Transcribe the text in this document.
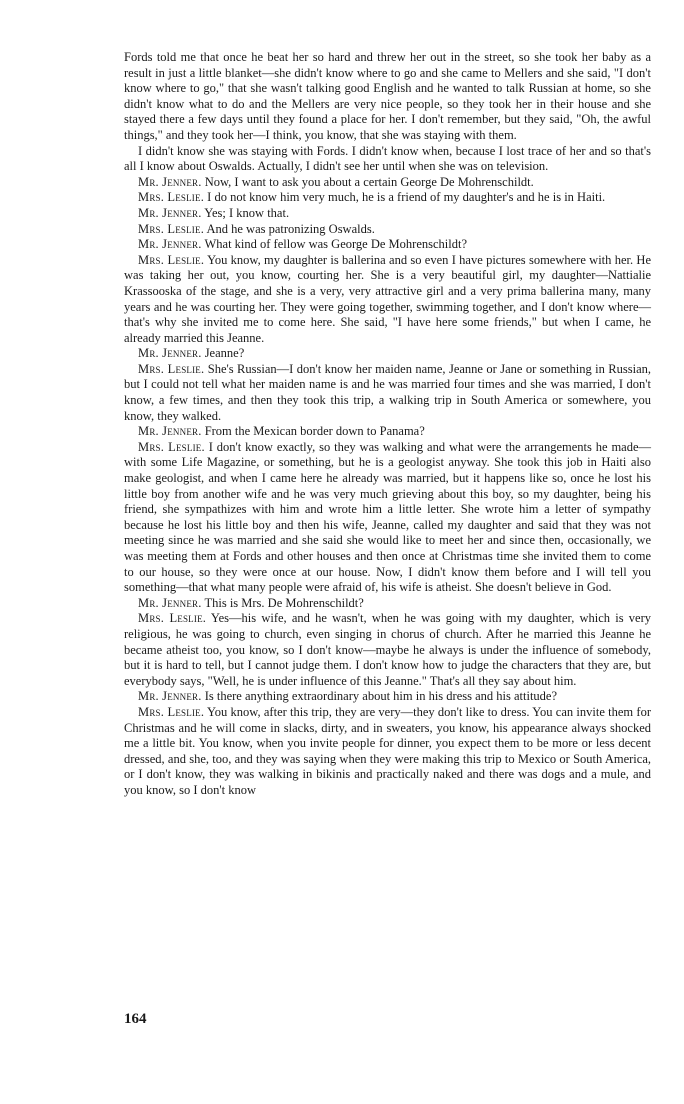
Fords told me that once he beat her so hard and threw her out in the street, so she took her baby as a result in just a little blanket—she didn't know where to go and she came to Mellers and she said, "I don't know where to go," that she wasn't talking good English and he wanted to talk Russian at home, so she didn't know what to do and the Mellers are very nice people, so they took her in their house and she stayed there a few days until they found a place for her. I don't remember, but they said, "Oh, the awful things," and they took her—I think, you know, that she was staying with them.

I didn't know she was staying with Fords. I didn't know when, because I lost trace of her and so that's all I know about Oswalds. Actually, I didn't see her until when she was on television.

Mr. Jenner. Now, I want to ask you about a certain George De Mohrenschildt.

Mrs. Leslie. I do not know him very much, he is a friend of my daughter's and he is in Haiti.

Mr. Jenner. Yes; I know that.

Mrs. Leslie. And he was patronizing Oswalds.

Mr. Jenner. What kind of fellow was George De Mohrenschildt?

Mrs. Leslie. You know, my daughter is ballerina and so even I have pictures somewhere with her. He was taking her out, you know, courting her. She is a very beautiful girl, my daughter—Nattialie Krassooska of the stage, and she is a very, very attractive girl and a very prima ballerina many, many years and he was courting her. They were going together, swimming together, and I don't know where—that's why she invited me to come here. She said, "I have here some friends," but when I came, he already married this Jeanne.

Mr. Jenner. Jeanne?

Mrs. Leslie. She's Russian—I don't know her maiden name, Jeanne or Jane or something in Russian, but I could not tell what her maiden name is and he was married four times and she was married, I don't know, a few times, and then they took this trip, a walking trip in South America or somewhere, you know, they walked.

Mr. Jenner. From the Mexican border down to Panama?

Mrs. Leslie. I don't know exactly, so they was walking and what were the arrangements he made—with some Life Magazine, or something, but he is a geologist anyway. She took this job in Haiti also make geologist, and when I came here he already was married, but it happens like so, once he lost his little boy from another wife and he was very much grieving about this boy, so my daughter, being his friend, she sympathizes with him and wrote him a little letter. She wrote him a letter of sympathy because he lost his little boy and then his wife, Jeanne, called my daughter and said that they was not meeting since he was married and she said she would like to meet her and since then, occasionally, we was meeting them at Fords and other houses and then once at Christmas time she invited them to come to our house, so they were once at our house. Now, I didn't know them before and I will tell you something—that what many people were afraid of, his wife is atheist. She doesn't believe in God.

Mr. Jenner. This is Mrs. De Mohrenschildt?

Mrs. Leslie. Yes—his wife, and he wasn't, when he was going with my daughter, which is very religious, he was going to church, even singing in chorus of church. After he married this Jeanne he became atheist too, you know, so I don't know—maybe he always is under the influence of somebody, but it is hard to tell, but I cannot judge them. I don't know how to judge the characters that they are, but everybody says, "Well, he is under influence of this Jeanne." That's all they say about him.

Mr. Jenner. Is there anything extraordinary about him in his dress and his attitude?

Mrs. Leslie. You know, after this trip, they are very—they don't like to dress. You can invite them for Christmas and he will come in slacks, dirty, and in sweaters, you know, his appearance always shocked me a little bit. You know, when you invite people for dinner, you expect them to be more or less decent dressed, and she, too, and they was saying when they were making this trip to Mexico or South America, or I don't know, they was walking in bikinis and practically naked and there was dogs and a mule, and you know, so I don't know

164
